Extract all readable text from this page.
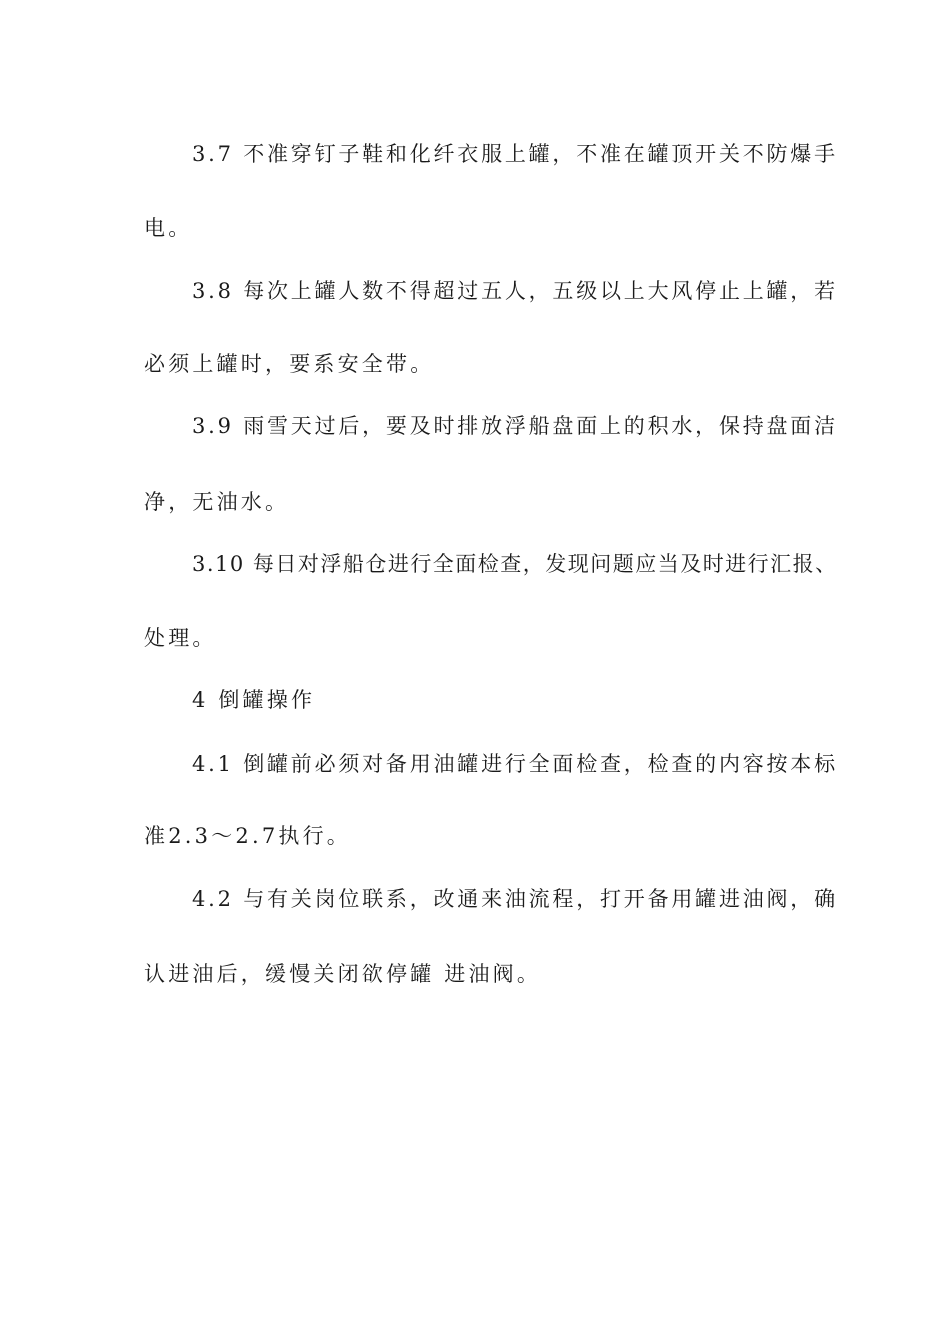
3.7 不准穿钉子鞋和化纤衣服上罐，不准在罐顶开关不防爆手
电。
3.8 每次上罐人数不得超过五人，五级以上大风停止上罐，若
必须上罐时，要系安全带。
3.9 雨雪天过后，要及时排放浮船盘面上的积水，保持盘面洁
净，无油水。
3.10 每日对浮船仓进行全面检查，发现问题应当及时进行汇报、
处理。
4 倒罐操作
4.1 倒罐前必须对备用油罐进行全面检查，检查的内容按本标
准2.3～2.7执行。
4.2 与有关岗位联系，改通来油流程，打开备用罐进油阀，确
认进油后，缓慢关闭欲停罐 进油阀。
